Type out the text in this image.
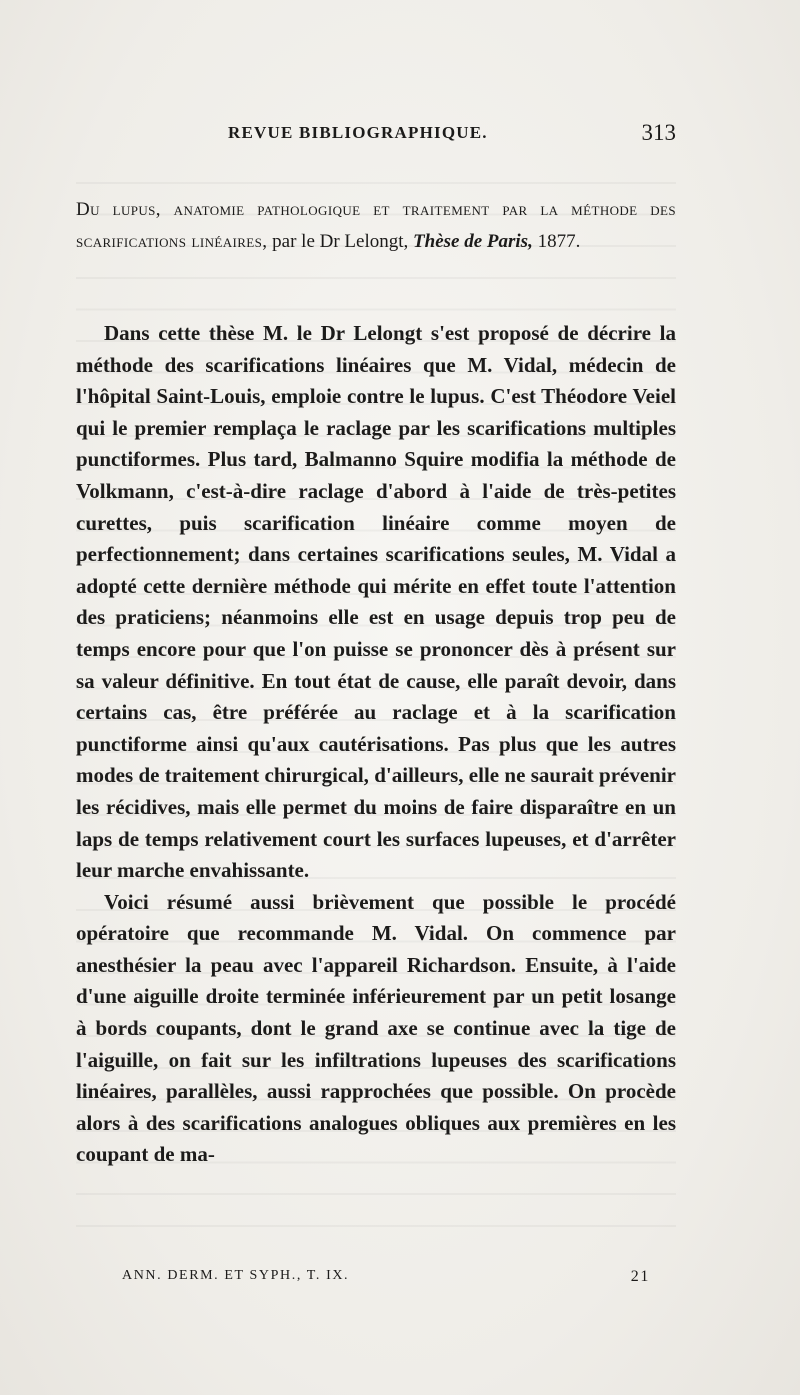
REVUE BIBLIOGRAPHIQUE.	313
Du lupus, anatomie pathologique et traitement par la méthode des scarifications linéaires, par le Dr Lelongt, Thèse de Paris, 1877.

Dans cette thèse M. le Dr Lelongt s'est proposé de décrire la méthode des scarifications linéaires que M. Vidal, médecin de l'hôpital Saint-Louis, emploie contre le lupus. C'est Théodore Veiel qui le premier remplaça le raclage par les scarifications multiples punctiformes. Plus tard, Balmanno Squire modifia la méthode de Volkmann, c'est-à-dire raclage d'abord à l'aide de très-petites curettes, puis scarification linéaire comme moyen de perfectionnement; dans certaines scarifications seules, M. Vidal a adopté cette dernière méthode qui mérite en effet toute l'attention des praticiens; néanmoins elle est en usage depuis trop peu de temps encore pour que l'on puisse se prononcer dès à présent sur sa valeur définitive. En tout état de cause, elle paraît devoir, dans certains cas, être préférée au raclage et à la scarification punctiforme ainsi qu'aux cautérisations. Pas plus que les autres modes de traitement chirurgical, d'ailleurs, elle ne saurait prévenir les récidives, mais elle permet du moins de faire disparaître en un laps de temps relativement court les surfaces lupeuses, et d'arrêter leur marche envahissante.

Voici résumé aussi brièvement que possible le procédé opératoire que recommande M. Vidal. On commence par anesthésier la peau avec l'appareil Richardson. Ensuite, à l'aide d'une aiguille droite terminée inférieurement par un petit losange à bords coupants, dont le grand axe se continue avec la tige de l'aiguille, on fait sur les infiltrations lupeuses des scarifications linéaires, parallèles, aussi rapprochées que possible. On procède alors à des scarifications analogues obliques aux premières en les coupant de ma-

ANN. DERM. ET SYPH., T. IX.	21
